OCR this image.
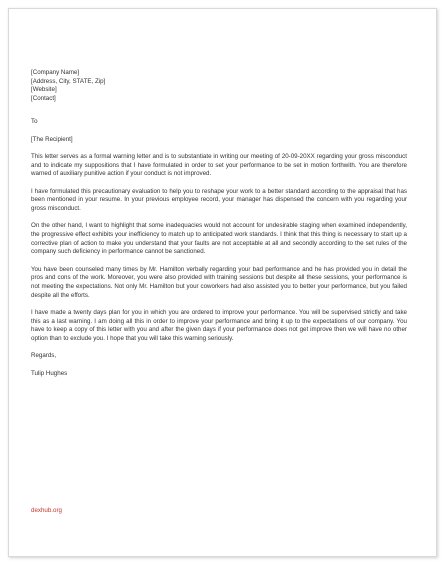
[Company Name]
[Address, City, STATE, Zip]
[Website]
[Contact]
To
[The Recipient]

This letter serves as a formal warning letter and is to substantiate in writing our meeting of 20-09-20XX regarding your gross misconduct and to indicate my suppositions that I have formulated in order to set your performance to be set in motion forthwith. You are therefore warned of auxiliary punitive action if your conduct is not improved.

I have formulated this precautionary evaluation to help you to reshape your work to a better standard according to the appraisal that has been mentioned in your resume. In your previous employee record, your manager has dispensed the concern with you regarding your gross misconduct.

On the other hand, I want to highlight that some inadequacies would not account for undesirable staging when examined independently, the progressive effect exhibits your inefficiency to match up to anticipated work standards. I think that this thing is necessary to start up a corrective plan of action to make you understand that your faults are not acceptable at all and secondly according to the set rules of the company such deficiency in performance cannot be sanctioned.

You have been counseled many times by Mr. Hamilton verbally regarding your bad performance and he has provided you in detail the pros and cons of the work. Moreover, you were also provided with training sessions but despite all these sessions, your performance is not meeting the expectations. Not only Mr. Hamilton but your coworkers had also assisted you to better your performance, but you failed despite all the efforts.

I have made a twenty days plan for you in which you are ordered to improve your performance. You will be supervised strictly and take this as a last warning. I am doing all this in order to improve your performance and bring it up to the expectations of our company. You have to keep a copy of this letter with you and after the given days if your performance does not get improve then we will have no other option than to exclude you. I hope that you will take this warning seriously.

Regards,
Tulip Hughes
dexhub.org
